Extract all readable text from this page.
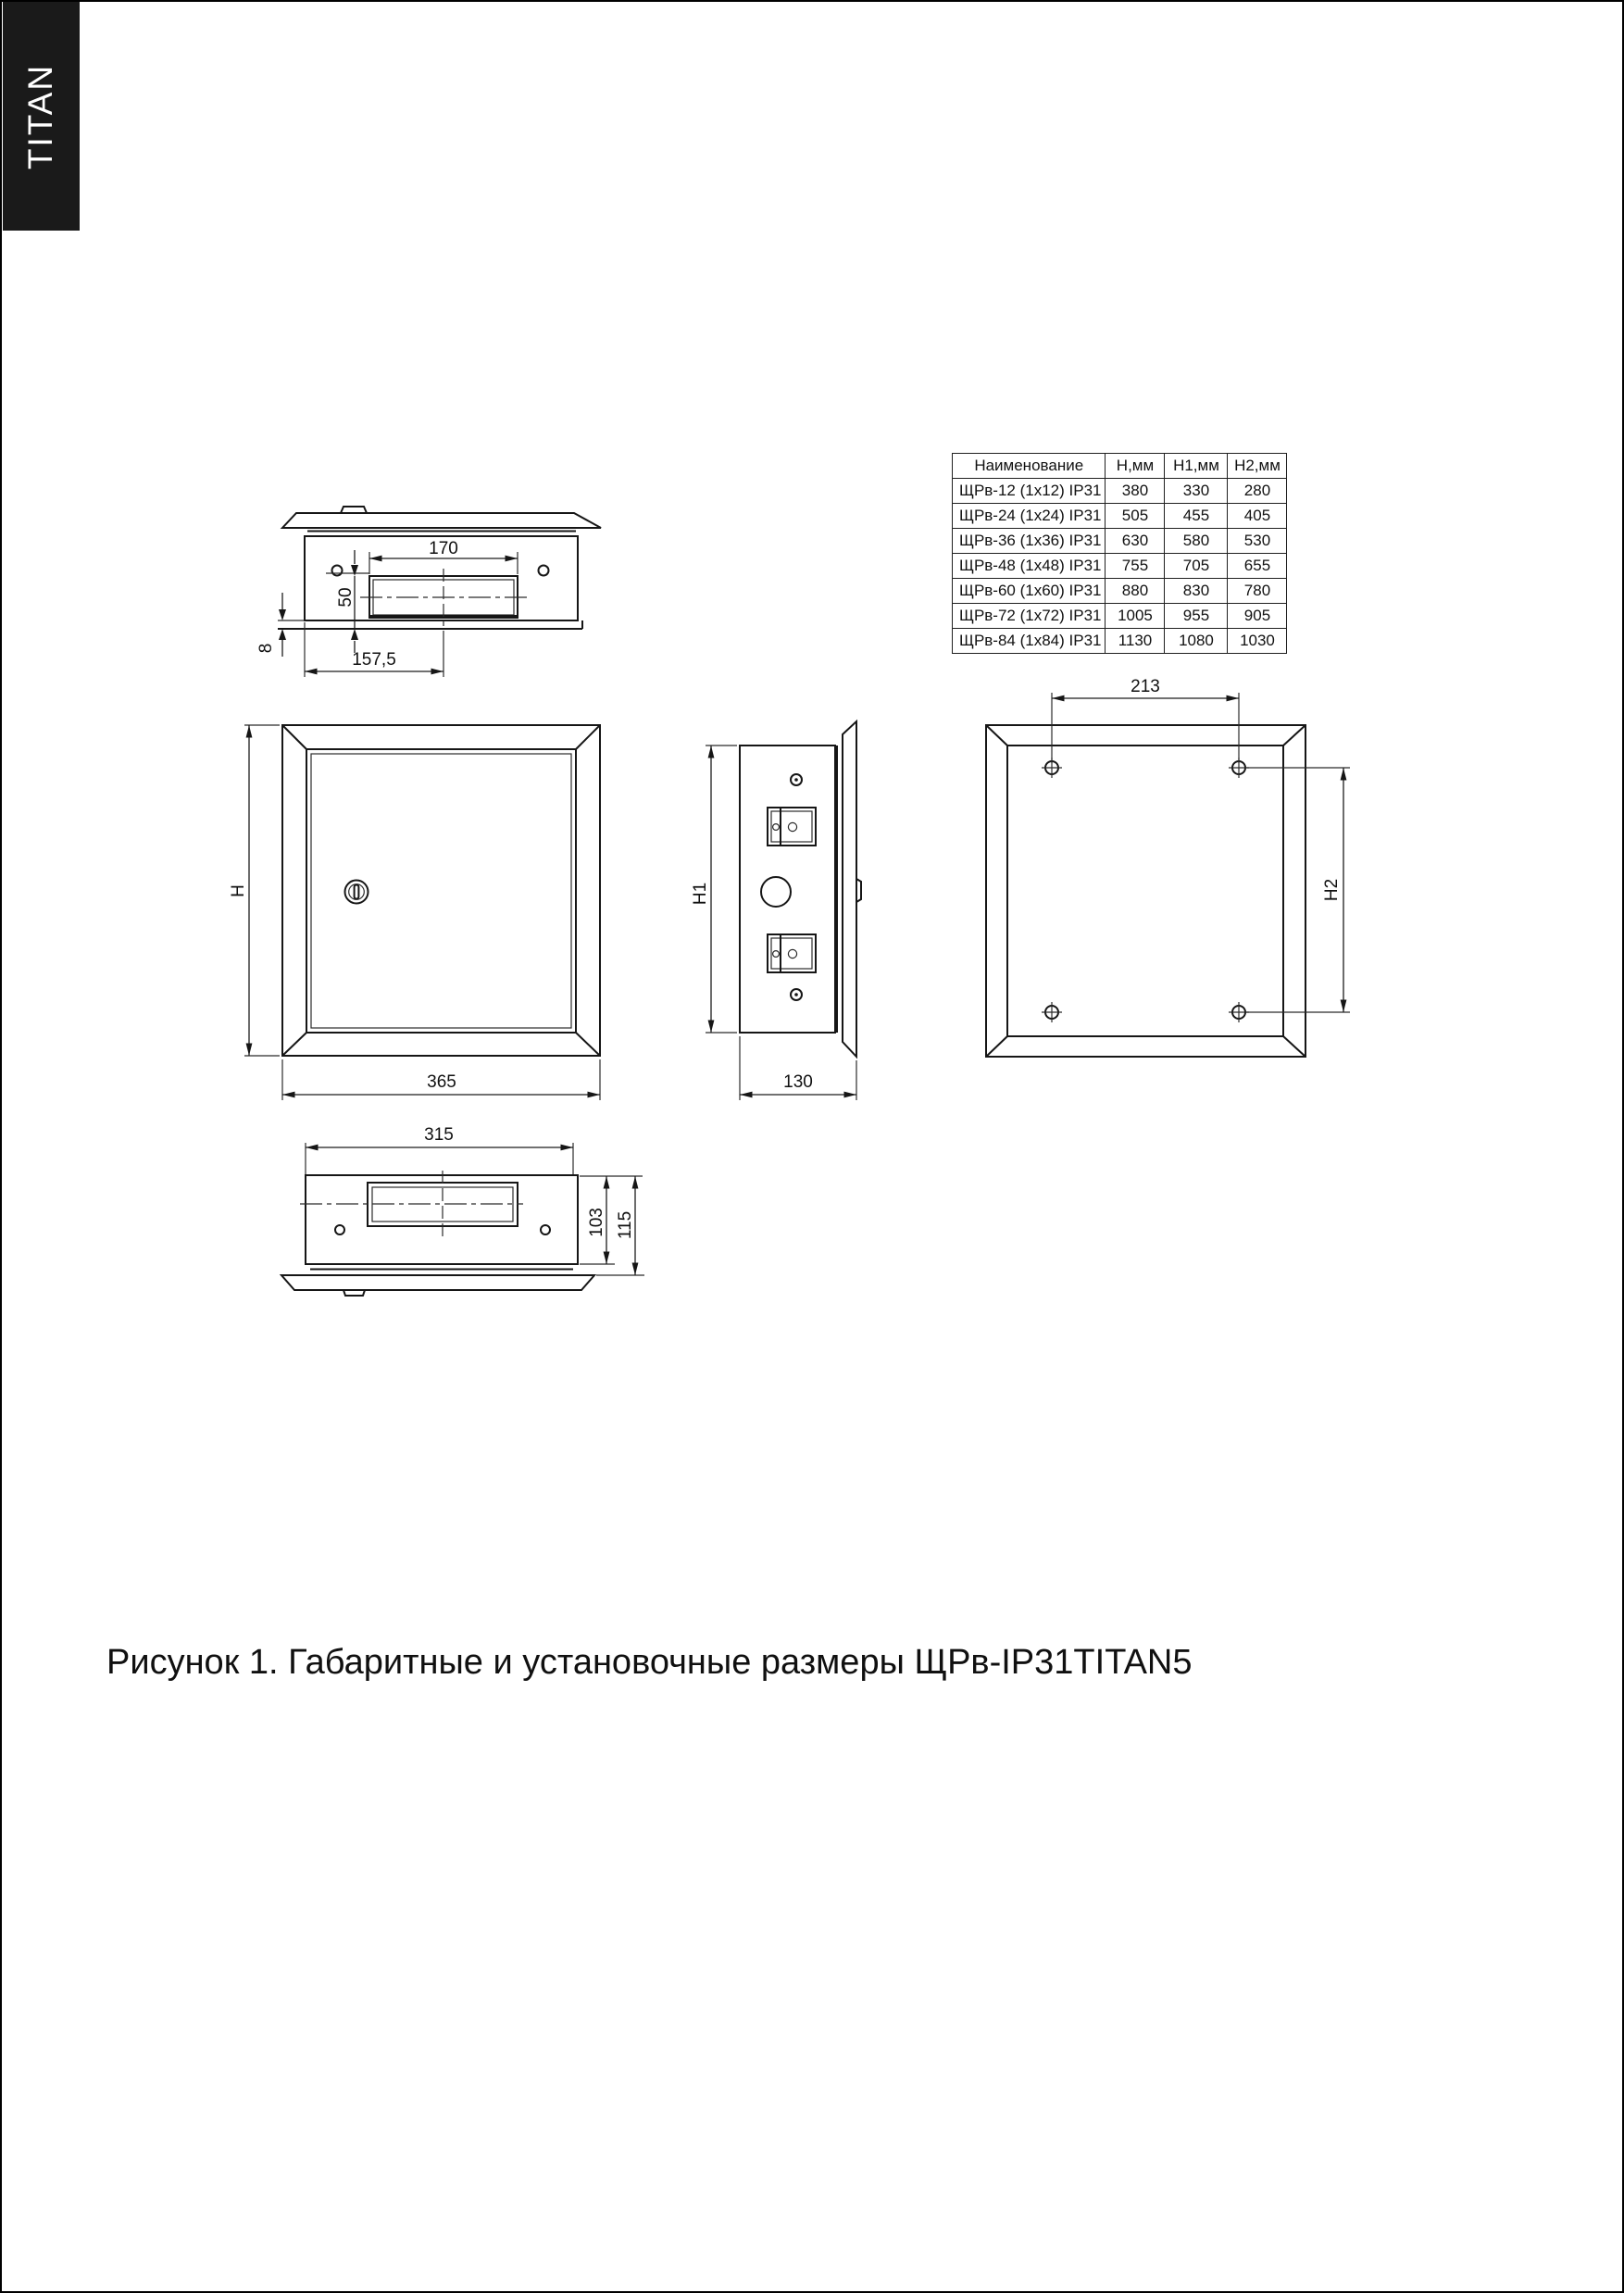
TITAN
Наименование	Н,мм	Н1,мм	Н2,мм
ЩРв-12 (1x12) IP31	380	330	280
ЩРв-24 (1x24) IP31	505	455	405
ЩРв-36 (1x36) IP31	630	580	530
ЩРв-48 (1x48) IP31	755	705	655
ЩРв-60 (1x60) IP31	880	830	780
ЩРв-72 (1x72) IP31	1005	955	905
ЩРв-84 (1x84) IP31	1130	1080	1030
170
50
8
157,5
H
365
H1
130
213
H2
315
103 115
Рисунок 1. Габаритные и установочные размеры ЩРв-IP31TITAN5
